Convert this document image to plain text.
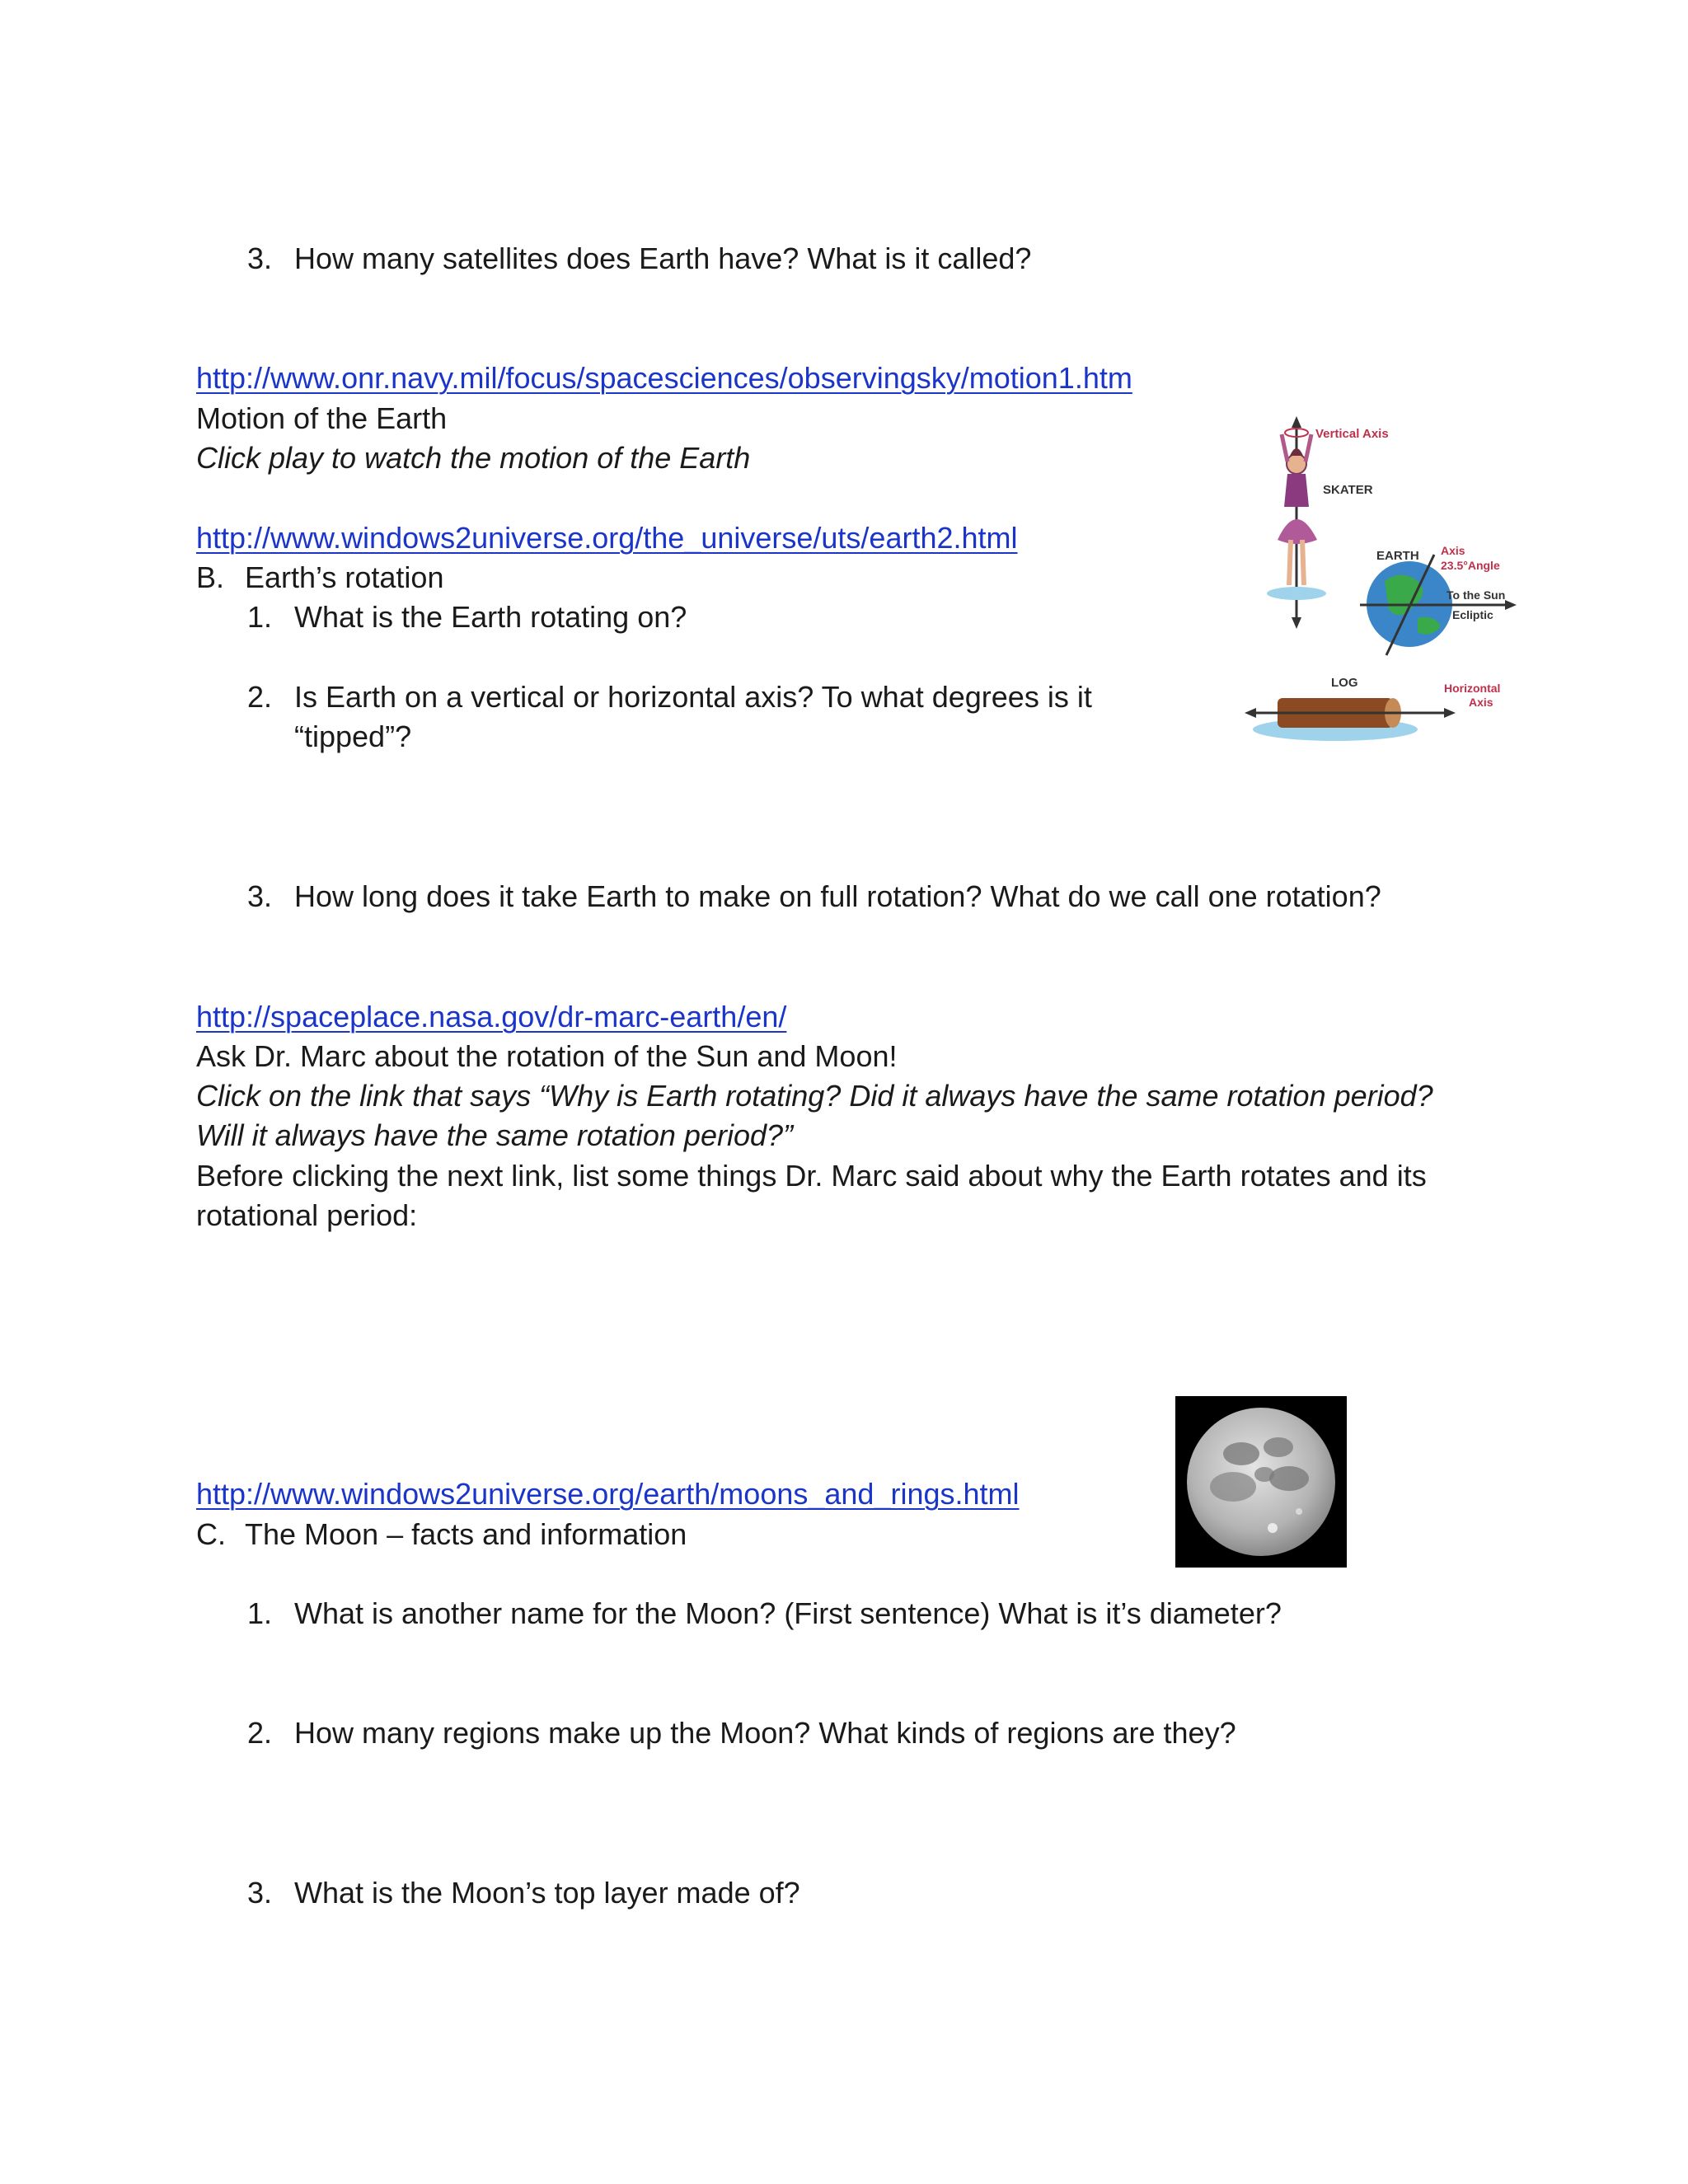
3. How many satellites does Earth have? What is it called?
http://www.onr.navy.mil/focus/spacesciences/observingsky/motion1.htm
Motion of the Earth
Click play to watch the motion of the Earth
http://www.windows2universe.org/the_universe/uts/earth2.html
B. Earth’s rotation
1. What is the Earth rotating on?
2. Is Earth on a vertical or horizontal axis? To what degrees is it
“tipped”?
3. How long does it take Earth to make on full rotation? What do we call one rotation?
Vertical Axis
SKATER
EARTH Axis
23.5°Angle
To the Sun
Ecliptic
LOG	Horizontal
Axis
http://spaceplace.nasa.gov/dr-marc-earth/en/
Ask Dr. Marc about the rotation of the Sun and Moon!
Click on the link that says “Why is Earth rotating? Did it always have the same rotation period?
Will it always have the same rotation period?”
Before clicking the next link, list some things Dr. Marc said about why the Earth rotates and its
rotational period:
http://www.windows2universe.org/earth/moons_and_rings.html
C. The Moon – facts and information
1. What is another name for the Moon? (First sentence) What is it’s diameter?
2. How many regions make up the Moon? What kinds of regions are they?
3. What is the Moon’s top layer made of?
